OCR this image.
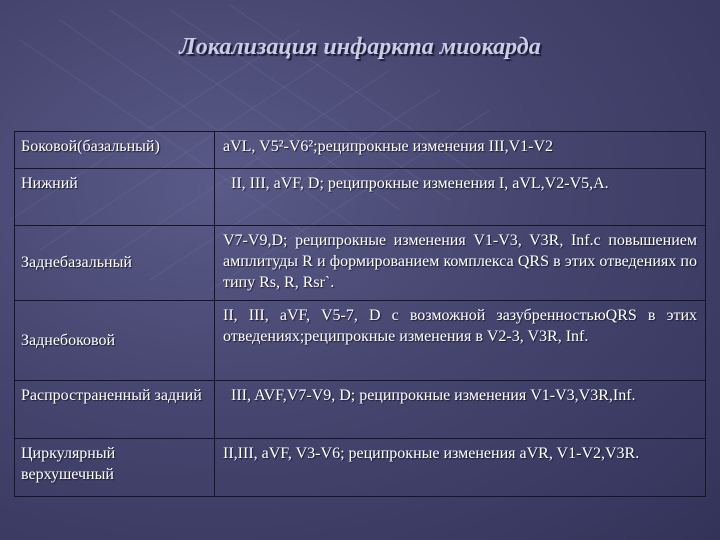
Локализация инфаркта миокарда
Боковой(базальный)	aVL, V5²-V6²;реципрокные изменения III,V1-V2
Нижний	II, III, aVF, D; реципрокные изменения I, aVL,V2-V5,A.
Заднебазальный	V7-V9,D; реципрокные изменения V1-V3, V3R, Inf.c повышением амплитуды R и формированием комплекса QRS в этих отведениях по типу Rs, R, Rsr`.
Заднебоковой	II, III, aVF, V5-7, D с возможной зазубренностьюQRS в этих отведениях;реципрокные изменения в V2-3, V3R, Inf.
Распространенный задний	III, AVF,V7-V9, D; реципрокные изменения V1-V3,V3R,Inf.
Циркулярный верхушечный	II,III, aVF, V3-V6; реципрокные изменения aVR, V1-V2,V3R.
